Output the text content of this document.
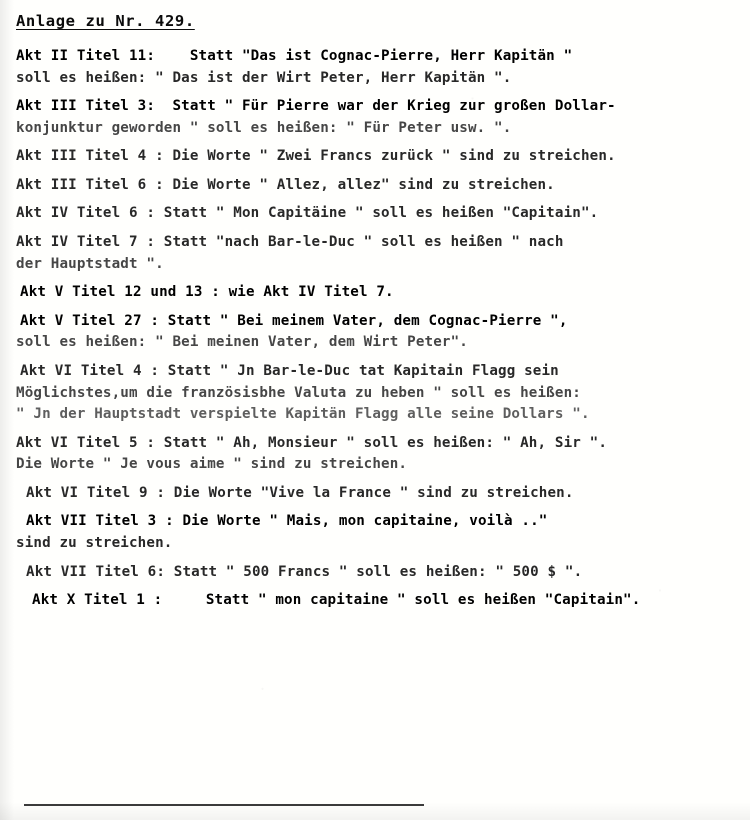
Anlage zu Nr. 429.
Akt II Titel 11:    Statt "Das ist Cognac-Pierre, Herr Kapitän "
soll es heißen: " Das ist der Wirt Peter, Herr Kapitän ".
Akt III Titel 3:  Statt " Für Pierre war der Krieg zur großen Dollar-
konjunktur geworden " soll es heißen: " Für Peter usw. ".
Akt III Titel 4 : Die Worte " Zwei Francs zurück " sind zu streichen.
Akt III Titel 6 : Die Worte " Allez, allez" sind zu streichen.
Akt IV Titel 6 : Statt " Mon Capitäine " soll es heißen "Capitain".
Akt IV Titel 7 : Statt "nach Bar-le-Duc " soll es heißen " nach
der Hauptstadt ".
Akt V Titel 12 und 13 : wie Akt IV Titel 7.
Akt V Titel 27 : Statt " Bei meinem Vater, dem Cognac-Pierre ",
soll es heißen: " Bei meinen Vater, dem Wirt Peter".
Akt VI Titel 4 : Statt " Jn Bar-le-Duc tat Kapitain Flagg sein
Möglichstes,um die französisbhe Valuta zu heben " soll es heißen:
" Jn der Hauptstadt verspielte Kapitän Flagg alle seine Dollars ".
Akt VI Titel 5 : Statt " Ah, Monsieur " soll es heißen: " Ah, Sir ".
Die Worte " Je vous aime " sind zu streichen.
Akt VI Titel 9 : Die Worte "Vive la France " sind zu streichen.
Akt VII Titel 3 : Die Worte " Mais, mon capitaine, voilà .."
sind zu streichen.
Akt VII Titel 6: Statt " 500 Francs " soll es heißen: " 500 $ ".
Akt X Titel 1 :     Statt " mon capitaine " soll es heißen "Capitain".
